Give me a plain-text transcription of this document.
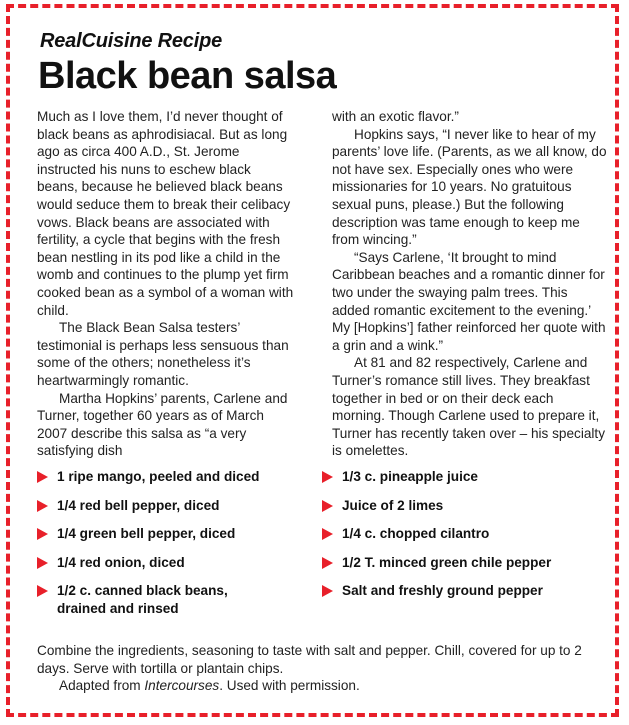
RealCuisine Recipe
Black bean salsa

Much as I love them, I’d never thought of black beans as aphrodisiacal. But as long ago as circa 400 A.D., St. Jerome instructed his nuns to eschew black beans, because he believed black beans would seduce them to break their celibacy vows. Black beans are associated with fertility, a cycle that begins with the fresh bean nestling in its pod like a child in the womb and continues to the plump yet firm cooked bean as a symbol of a woman with child.

The Black Bean Salsa testers’ testimonial is perhaps less sensuous than some of the others; nonetheless it’s heartwarmingly romantic.

Martha Hopkins’ parents, Carlene and Turner, together 60 years as of March 2007 describe this salsa as “a very satisfying dish

with an exotic flavor.”

Hopkins says, “I never like to hear of my parents’ love life. (Parents, as we all know, do not have sex. Especially ones who were missionaries for 10 years. No gratuitous sexual puns, please.) But the following description was tame enough to keep me from wincing.”

“Says Carlene, ‘It brought to mind Caribbean beaches and a romantic dinner for two under the swaying palm trees. This added romantic excitement to the evening.’ My [Hopkins’] father reinforced her quote with a grin and a wink.”

At 81 and 82 respectively, Carlene and Turner’s romance still lives. They breakfast together in bed or on their deck each morning. Though Carlene used to prepare it, Turner has recently taken over – his specialty is omelettes.

1 ripe mango, peeled and diced
1/4 red bell pepper, diced
1/4 green bell pepper, diced
1/4 red onion, diced
1/2 c. canned black beans, drained and rinsed
1/3 c. pineapple juice
Juice of 2 limes
1/4 c. chopped cilantro
1/2 T. minced green chile pepper
Salt and freshly ground pepper

Combine the ingredients, seasoning to taste with salt and pepper. Chill, covered for up to 2 days. Serve with tortilla or plantain chips.

Adapted from Intercourses. Used with permission.
